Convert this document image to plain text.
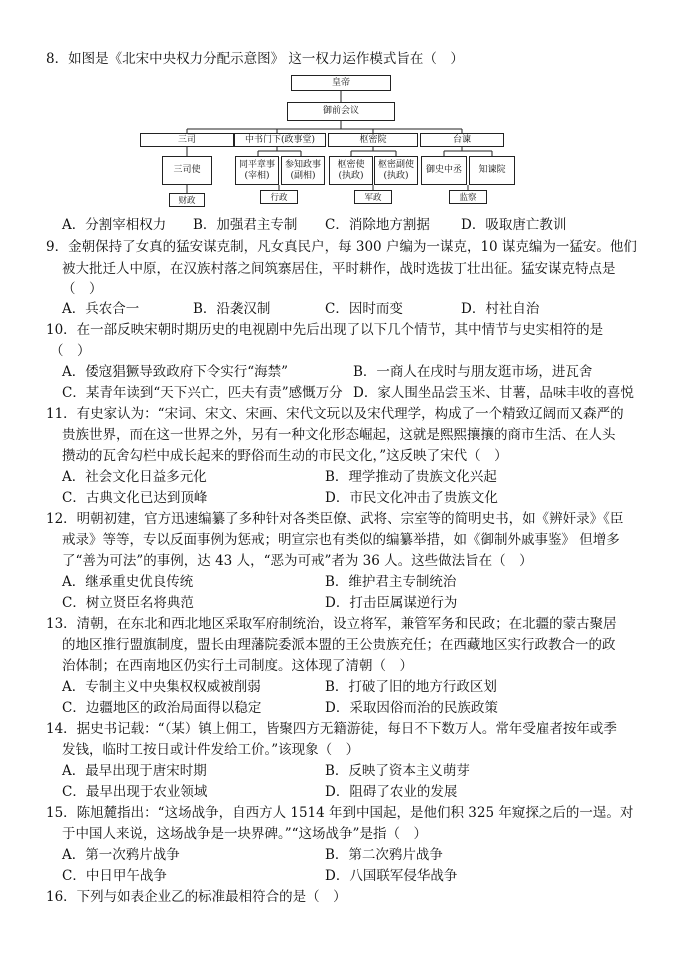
8．如图是《北宋中央权力分配示意图》 这一权力运作模式旨在（　）
皇帝
御前会议
三司	中书门下(政事堂)	枢密院	台谏
三司使
同平章事
(宰相)
参知政事
(副相)
枢密使
(执政)
枢密副使
(执政)
御史中丞	知谏院
财政	行政	军政	监察
A．分割宰相权力 B．加强君主专制 C．消除地方割据 D．吸取唐亡教训
9．金朝保持了女真的猛安谋克制，凡女真民户，每 300 户编为一谋克，10 谋克编为一猛安。他们
被大批迁人中原，在汉族村落之间筑寨居住，平时耕作，战时选拔丁壮出征。猛安谋克特点是
（　）
A．兵农合一	B．沿袭汉制	C．因时而变	D．村社自治
10．在一部反映宋朝时期历史的电视剧中先后出现了以下几个情节，其中情节与史实相符的是
（　）
A．倭寇猖獗导致政府下令实行“海禁”	B．一商人在戌时与朋友逛市场，进瓦舍
C．某青年读到“天下兴亡，匹夫有责”感慨万分 D．家人围坐品尝玉米、甘薯，品味丰收的喜悦
11．有史家认为：“宋词、宋文、宋画、宋代文玩以及宋代理学，构成了一个精致辽阔而又森严的
贵族世界，而在这一世界之外，另有一种文化形态崛起，这就是熙熙攘攘的商市生活、在人头
攒动的瓦舍勾栏中成长起来的野俗而生动的市民文化，”这反映了宋代（　）
A．社会文化日益多元化	B．理学推动了贵族文化兴起
C．古典文化已达到顶峰	D．市民文化冲击了贵族文化
12．明朝初建，官方迅速编纂了多种针对各类臣僚、武将、宗室等的简明史书，如《辨奸录》《臣
戒录》等等，专以反面事例为惩戒；明宣宗也有类似的编纂举措，如《御制外戚事鉴》 但增多
了“善为可法”的事例，达 43 人，“恶为可戒”者为 36 人。这些做法旨在（　）
A．继承重史优良传统	B．维护君主专制统治
C．树立贤臣名将典范	D．打击臣属谋逆行为
13．清朝，在东北和西北地区采取军府制统治，设立将军，兼管军务和民政；在北疆的蒙古聚居
的地区推行盟旗制度，盟长由理藩院委派本盟的王公贵族充任；在西藏地区实行政教合一的政
治体制；在西南地区仍实行土司制度。这体现了清朝（　）
A．专制主义中央集权权威被削弱	B．打破了旧的地方行政区划
C．边疆地区的政治局面得以稳定	D．采取因俗而治的民族政策
14．据史书记载：“（某）镇上佣工，皆聚四方无籍游徒，每日不下数万人。常年受雇者按年或季
发钱，临时工按日或计件发给工价。”该现象（　）
A．最早出现于唐宋时期	B．反映了资本主义萌芽
C．最早出现于农业领域	D．阻碍了农业的发展
15．陈旭麓指出：“这场战争，自西方人 1514 年到中国起，是他们积 325 年窥探之后的一逞。对
于中国人来说，这场战争是一块界碑。”“这场战争”是指（　）
A．第一次鸦片战争	B．第二次鸦片战争
C．中日甲午战争	D．八国联军侵华战争
16．下列与如表企业乙的标准最相符合的是（　）
